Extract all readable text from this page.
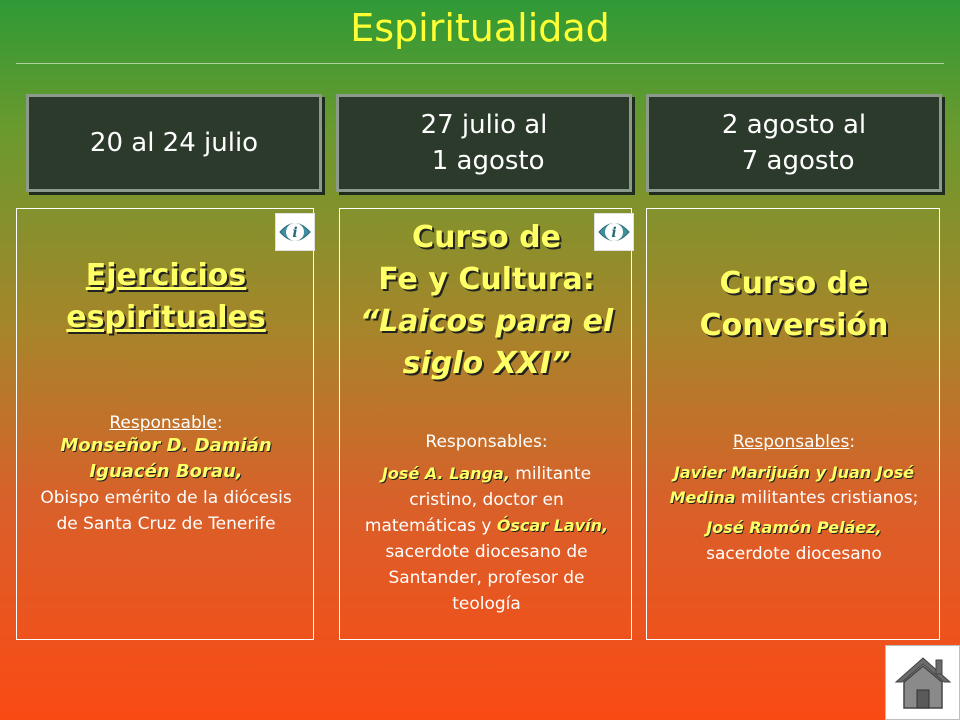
Espiritualidad
20 al 24 julio
27 julio al
1 agosto
2 agosto al
7 agosto
i
Ejercicios
espirituales
Responsable:
Monseñor D. Damián
Iguacén Borau,
Obispo emérito de la diócesis
de Santa Cruz de Tenerife
i
Curso de
Fe y Cultura:
“Laicos para el
siglo XXI”
Responsables:
José A. Langa, militante
cristino, doctor en
matemáticas y Óscar Lavín,
sacerdote diocesano de
Santander, profesor de
teología
Curso de
Conversión
Responsables:
Javier Marijuán y Juan José
Medina militantes cristianos;
José Ramón Peláez,
sacerdote diocesano
